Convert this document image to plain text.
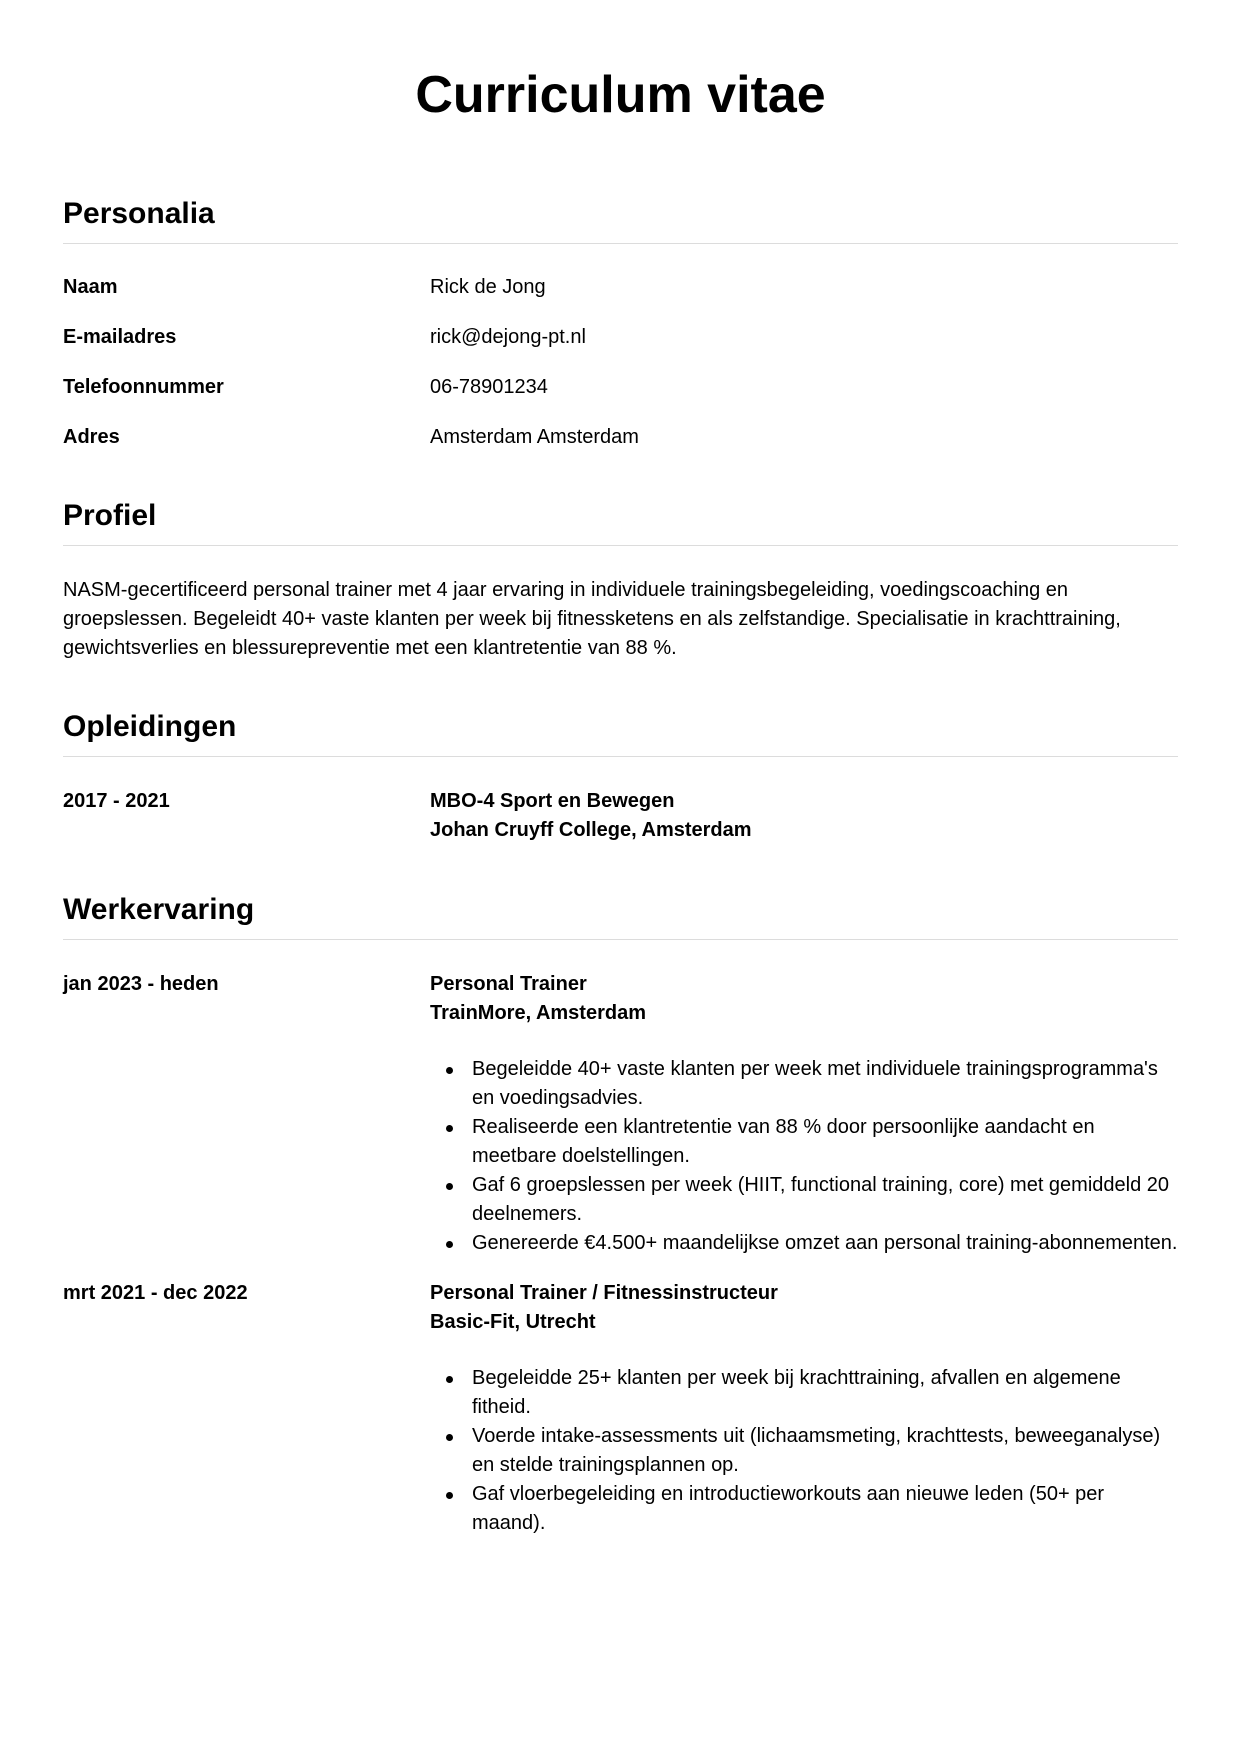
Curriculum vitae
Personalia
Naam	Rick de Jong
E-mailadres	rick@dejong-pt.nl
Telefoonnummer	06-78901234
Adres	Amsterdam Amsterdam
Profiel

NASM-gecertificeerd personal trainer met 4 jaar ervaring in individuele trainingsbegeleiding, voedingscoaching en groepslessen. Begeleidt 40+ vaste klanten per week bij fitnessketens en als zelfstandige. Specialisatie in krachttraining, gewichtsverlies en blessurepreventie met een klantretentie van 88 %.

Opleidingen
2017 - 2021	MBO-4 Sport en Bewegen
Johan Cruyff College, Amsterdam
Werkervaring
jan 2023 - heden	Personal Trainer
TrainMore, Amsterdam
Begeleidde 40+ vaste klanten per week met individuele trainingsprogramma's en voedingsadvies.
Realiseerde een klantretentie van 88 % door persoonlijke aandacht en meetbare doelstellingen.
Gaf 6 groepslessen per week (HIIT, functional training, core) met gemiddeld 20 deelnemers.
Genereerde €4.500+ maandelijkse omzet aan personal training-abonnementen.
mrt 2021 - dec 2022	Personal Trainer / Fitnessinstructeur
Basic-Fit, Utrecht
Begeleidde 25+ klanten per week bij krachttraining, afvallen en algemene fitheid.
Voerde intake-assessments uit (lichaamsmeting, krachttests, beweeganalyse) en stelde trainingsplannen op.
Gaf vloerbegeleiding en introductieworkouts aan nieuwe leden (50+ per maand).
